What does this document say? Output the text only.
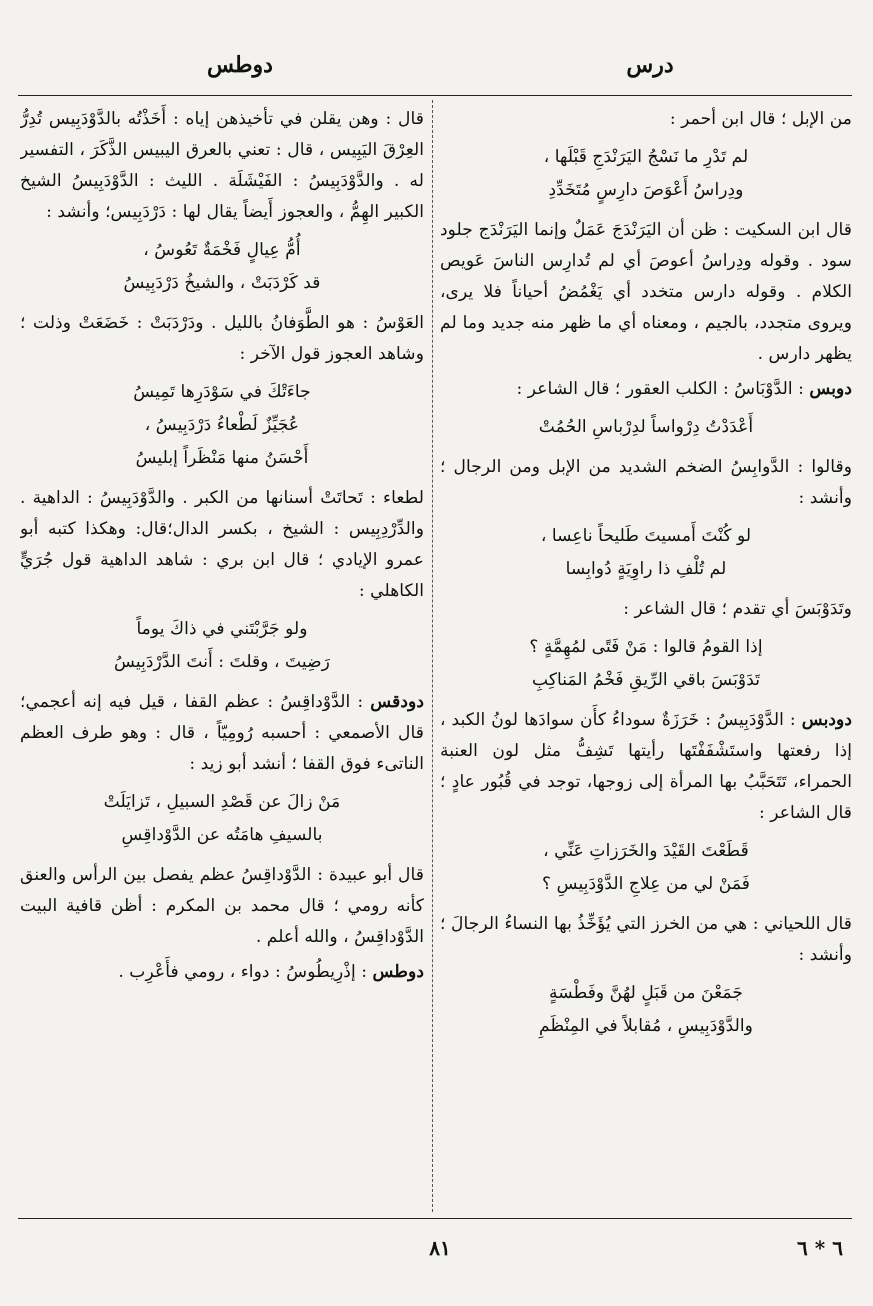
درس
دوطس

من الإبل ؛ قال ابن أحمر :

لم تَدْرِ ما نَسْجُ اليَرَنْدَجِ قَبْلَها ،
ودِراسُ أَعْوَصَ دارِسٍ مُتَخَدِّدِ

قال ابن السكيت : ظن أن اليَرَنْدَجَ عَمَلٌ وإنما اليَرَنْدَج جلود سود . وقوله ودِراسُ أعوصَ أي لم تُدارِس الناسَ عَويص الكلام . وقوله دارس متخدد أي يَغْمُضُ أحياناً فلا يرى، ويروى متجدد، بالجيم ، ومعناه أي ما ظهر منه جديد وما لم يظهر دارس .

دوبس : الدَّوْبَاسُ : الكلب العقور ؛ قال الشاعر :

أَعْدَدْتُ دِرْواساً لدِرْباسِ الحُمُتْ

وقالوا : الدَّوابِسُ الضخم الشديد من الإبل ومن الرجال ؛ وأنشد :

لو كُنْتَ أَمسيتَ طَليحاً ناعِسا ،
لم تُلْفِ ذا راوِيَةٍ دُوابِسا

وتَدَوْبَسَ أي تقدم ؛ قال الشاعر :

إذا القومُ قالوا : مَنْ فَتًى لمُهِمَّةٍ ؟
تَدَوْبَسَ باقي الرِّيقِ فَخْمُ المَناكِبِ

دودبس : الدَّوْدَبِيسُ : خَرَزَةٌ سوداءُ كأَن سوادَها لونُ الكبد ، إذا رفعتها واستَشْفَفْتَها رأيتها تَشِفُّ مثل لون العنبة الحمراء، تَتَحَبَّبُ بها المرأة إلى زوجها، توجد في قُبُور عادٍ ؛ قال الشاعر :

قَطَعْتَ القَيْدَ والخَرَزاتِ عَنِّي ،
فَمَنْ لي من عِلاجِ الدَّوْدَبِيسِ ؟

قال اللحياني : هي من الخرز التي يُؤَخِّذُ بها النساءُ الرجالَ ؛ وأنشد :

جَمَعْنَ من قَبَلٍ لهُنَّ وفَطْسَةٍ
والدَّوْدَبِيسِ ، مُقابلاً في المِنْظَمِ

قال : وهن يقلن في تأخيذهن إياه : أَخَذْتُه بالدَّوْدَبِيس تُدِرُّ العِرْقَ اليَبِيس ، قال : تعني بالعرق اليبيس الذَّكَرَ ، التفسير له . والدَّوْدَبِيسُ : الفَيْشَلَة . الليث : الدَّوْدَبِيسُ الشيخ الكبير الهِمُّ ، والعجوز أَيضاً يقال لها : دَرْدَبِيس؛ وأنشد :

أُمُّ عِيالٍ فَخْمَةٌ تَعُوسُ ،
قد كَرْدَبَتْ ، والشيخُ دَرْدَبِيسُ

العَوْسُ : هو الطَّوَفانُ بالليل . ودَرْدَبَتْ : خَضَعَتْ وذلت ؛ وشاهد العجوز قول الآخر :

جاءَتْكَ في سَوْدَرِها تَمِيسُ
عُجَيِّزٌ لَطْعاءُ دَرْدَبِيسُ ،
أَحْسَنُ منها مَنْظَراً إبليسُ

لطعاء : تَحاتَتْ أسنانها من الكبر . والدَّوْدَبِيسُ : الداهية . والدِّرْدِبِيس : الشيخ ، بكسر الدال؛قال: وهكذا كتبه أبو عمرو الإيادي ؛ قال ابن بري : شاهد الداهية قول جُرَيٍّ الكاهلي :

ولو جَرَّبْتَني في ذاكَ يوماً
رَضِيتَ ، وقلتَ : أَنتَ الدَّرْدَبِيسُ

دودقس : الدَّوْداقِسُ : عظم القفا ، قيل فيه إنه أعجمي؛ قال الأصمعي : أحسبه رُومِيّاً ، قال : وهو طرف العظم الناتىء فوق القفا ؛ أنشد أبو زيد :

مَنْ زالَ عن قَصْدِ السبيلِ ، تَزايَلَتْ
بالسيفِ هامَتُه عن الدَّوْداقِسِ

قال أبو عبيدة : الدَّوْداقِسُ عظم يفصل بين الرأس والعنق كأنه رومي ؛ قال محمد بن المكرم : أظن قافية البيت الدَّوْداقِسُ ، والله أعلم .

دوطس : إذْرِيطُوسُ : دواء ، رومي فأَعْرِب .

٨١	٦ * ٦
